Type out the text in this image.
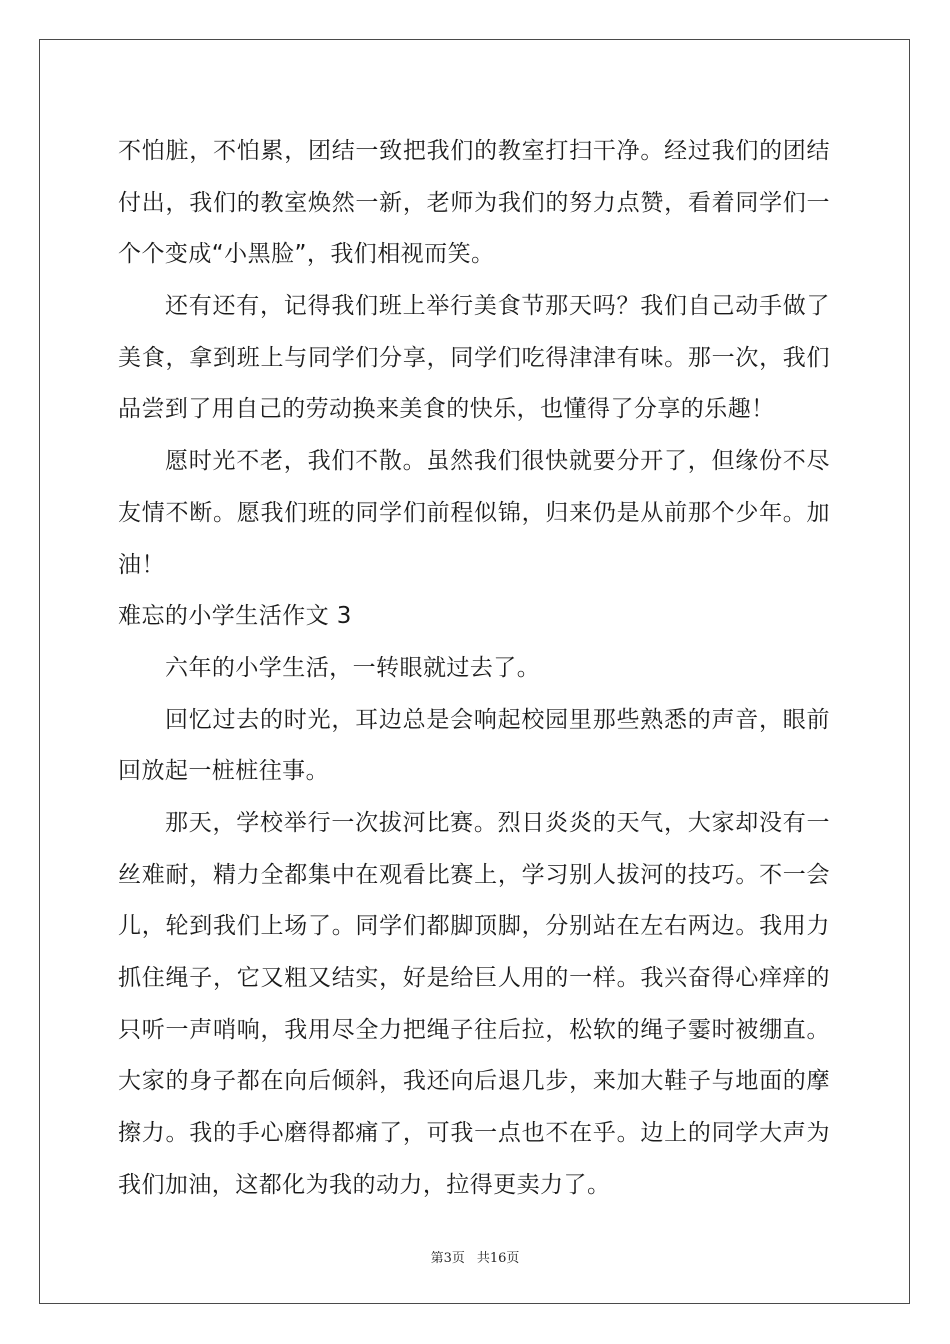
不怕脏，不怕累，团结一致把我们的教室打扫干净。经过我们的团结
付出，我们的教室焕然一新，老师为我们的努力点赞，看着同学们一
个个变成“小黑脸”，我们相视而笑。
还有还有，记得我们班上举行美食节那天吗？我们自己动手做了
美食，拿到班上与同学们分享，同学们吃得津津有味。那一次，我们
品尝到了用自己的劳动换来美食的快乐，也懂得了分享的乐趣！
愿时光不老，我们不散。虽然我们很快就要分开了，但缘份不尽
友情不断。愿我们班的同学们前程似锦，归来仍是从前那个少年。加
油！
难忘的小学生活作文 3
六年的小学生活，一转眼就过去了。
回忆过去的时光，耳边总是会响起校园里那些熟悉的声音，眼前
回放起一桩桩往事。
那天，学校举行一次拔河比赛。烈日炎炎的天气，大家却没有一
丝难耐，精力全都集中在观看比赛上，学习别人拔河的技巧。不一会
儿，轮到我们上场了。同学们都脚顶脚，分别站在左右两边。我用力
抓住绳子，它又粗又结实，好是给巨人用的一样。我兴奋得心痒痒的
只听一声哨响，我用尽全力把绳子往后拉，松软的绳子霎时被绷直。
大家的身子都在向后倾斜，我还向后退几步，来加大鞋子与地面的摩
擦力。我的手心磨得都痛了，可我一点也不在乎。边上的同学大声为
我们加油，这都化为我的动力，拉得更卖力了。
第3页 共16页
